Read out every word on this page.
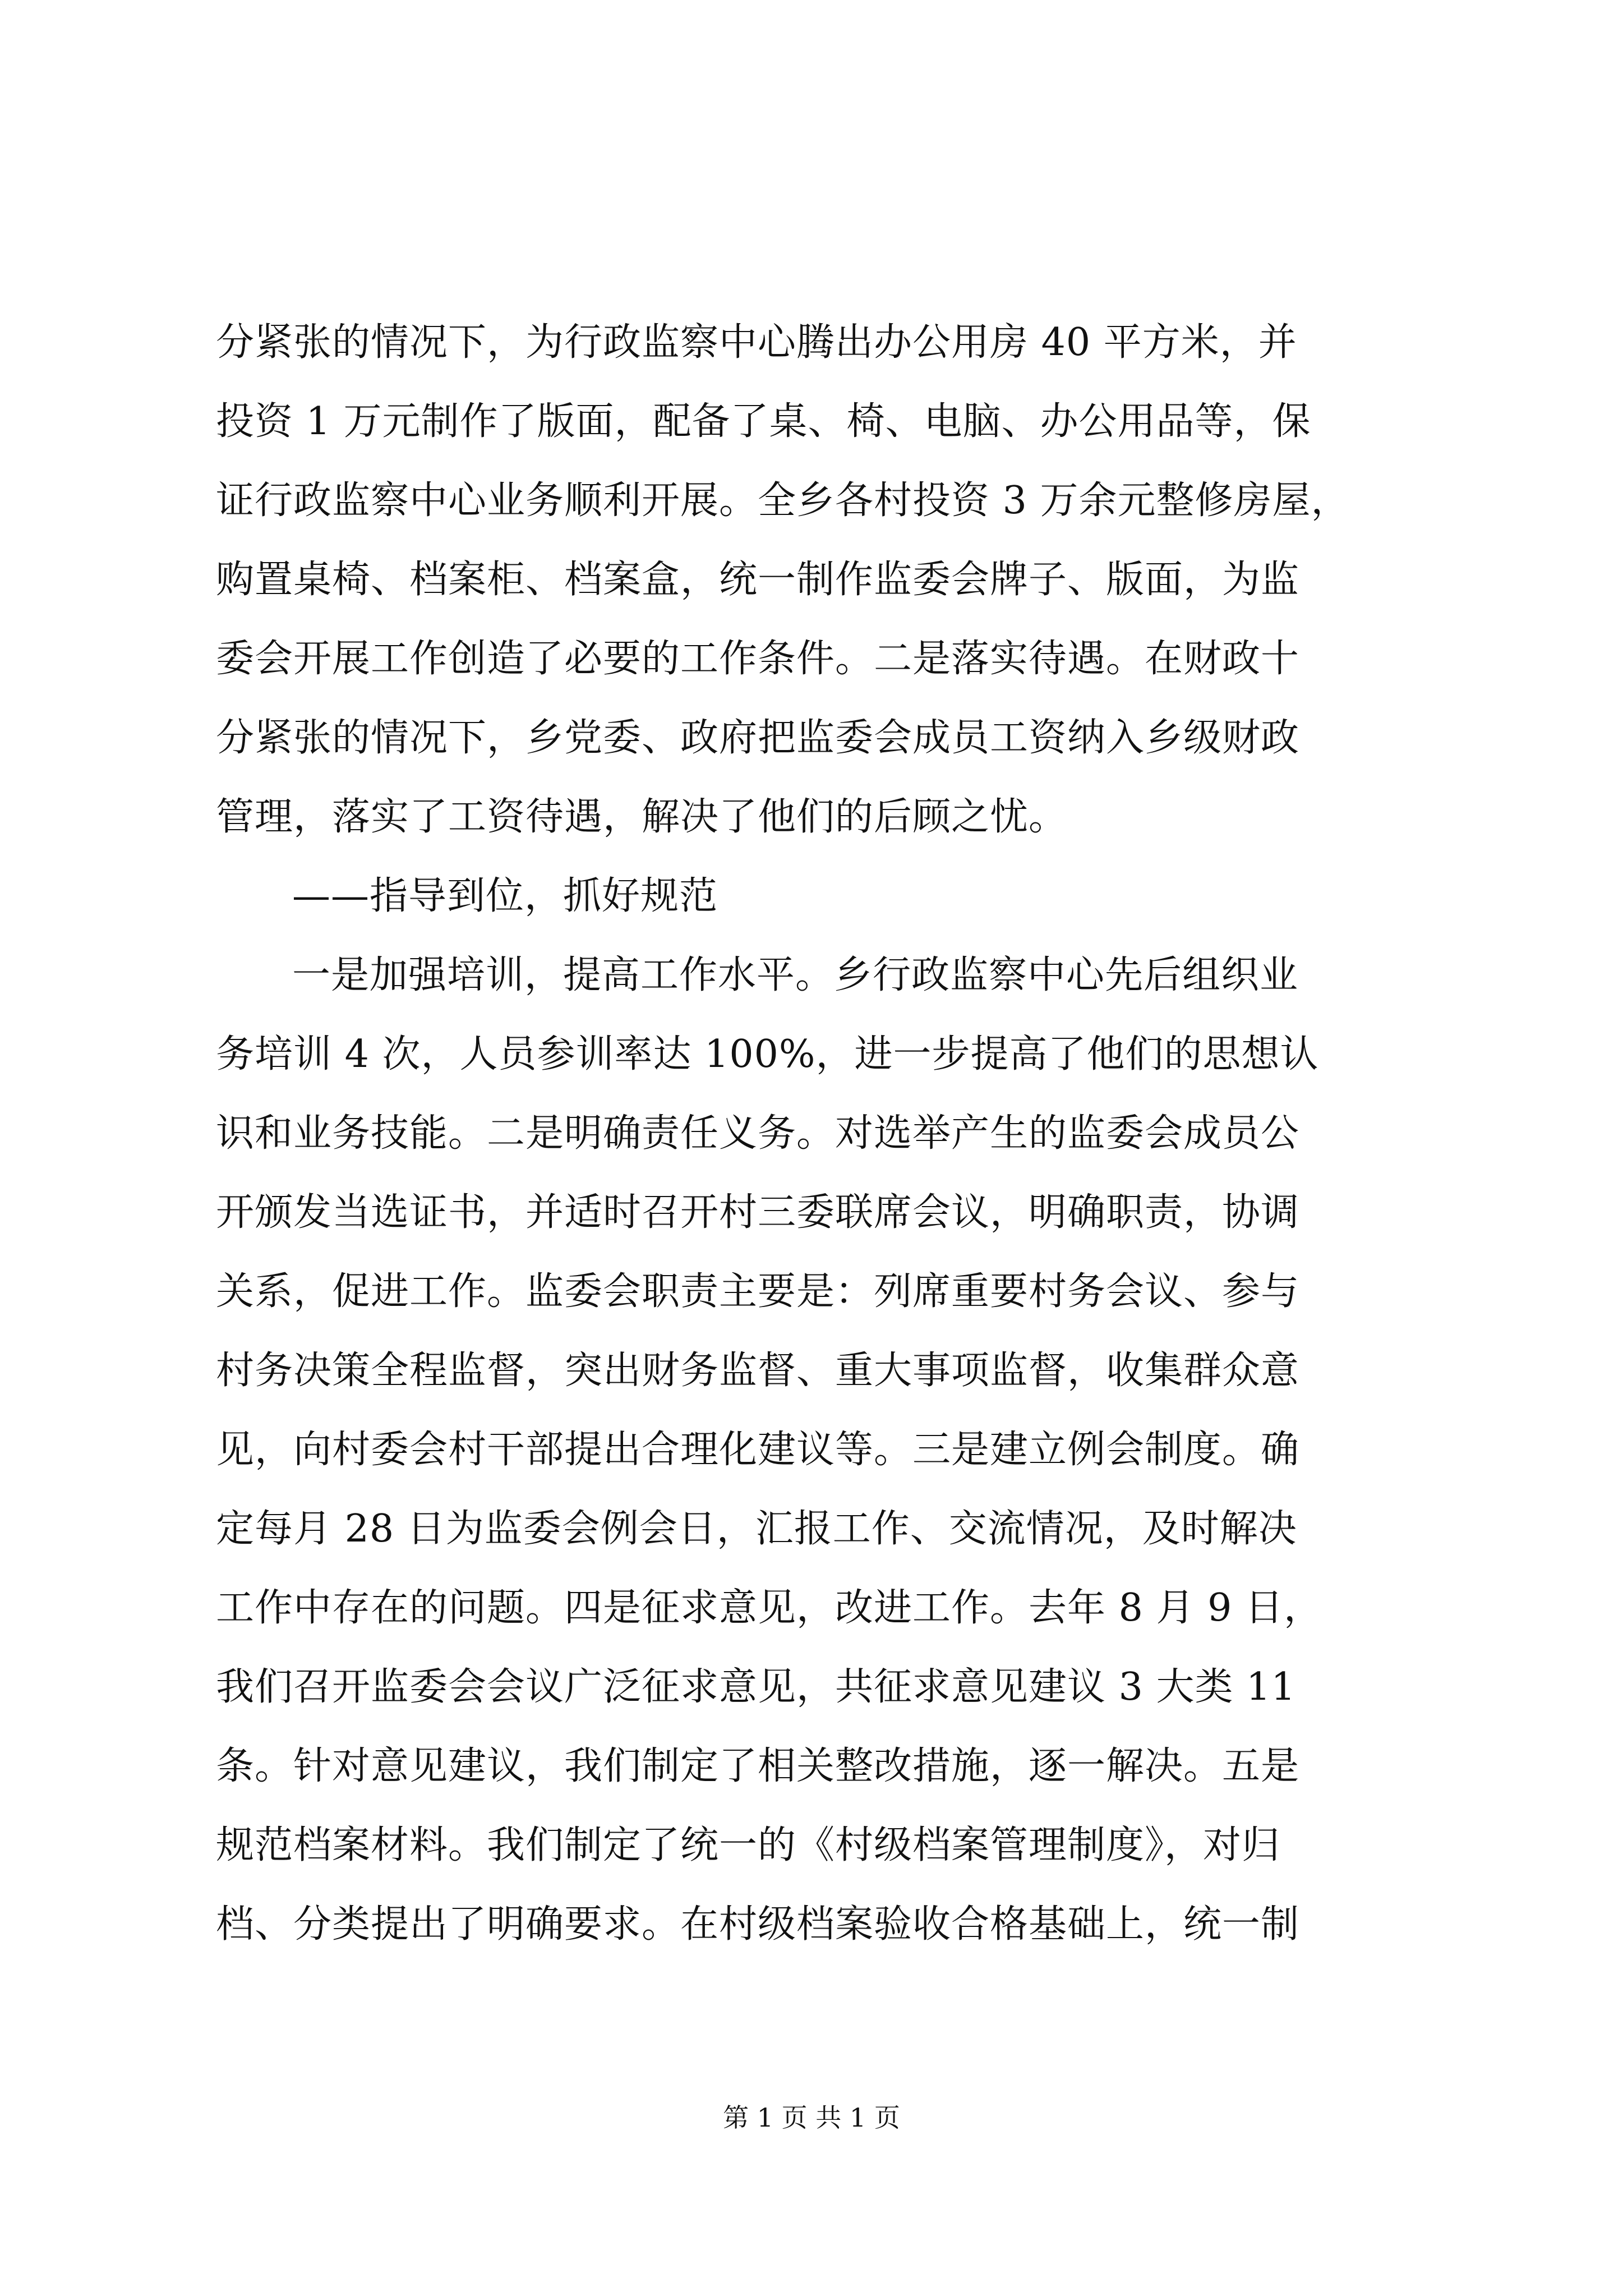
分紧张的情况下，为行政监察中心腾出办公用房 40 平方米，并
投资 1 万元制作了版面，配备了桌、椅、电脑、办公用品等，保
证行政监察中心业务顺利开展。全乡各村投资 3 万余元整修房屋，
购置桌椅、档案柜、档案盒，统一制作监委会牌子、版面，为监
委会开展工作创造了必要的工作条件。二是落实待遇。在财政十
分紧张的情况下，乡党委、政府把监委会成员工资纳入乡级财政
管理，落实了工资待遇，解决了他们的后顾之忧。
——指导到位，抓好规范
一是加强培训，提高工作水平。乡行政监察中心先后组织业
务培训 4 次，人员参训率达 100%，进一步提高了他们的思想认
识和业务技能。二是明确责任义务。对选举产生的监委会成员公
开颁发当选证书，并适时召开村三委联席会议，明确职责，协调
关系，促进工作。监委会职责主要是：列席重要村务会议、参与
村务决策全程监督，突出财务监督、重大事项监督，收集群众意
见，向村委会村干部提出合理化建议等。三是建立例会制度。确
定每月 28 日为监委会例会日，汇报工作、交流情况，及时解决
工作中存在的问题。四是征求意见，改进工作。去年 8 月 9 日，
我们召开监委会会议广泛征求意见，共征求意见建议 3 大类 11
条。针对意见建议，我们制定了相关整改措施，逐一解决。五是
规范档案材料。我们制定了统一的《村级档案管理制度》，对归
档、分类提出了明确要求。在村级档案验收合格基础上，统一制
第 1 页 共 1 页
